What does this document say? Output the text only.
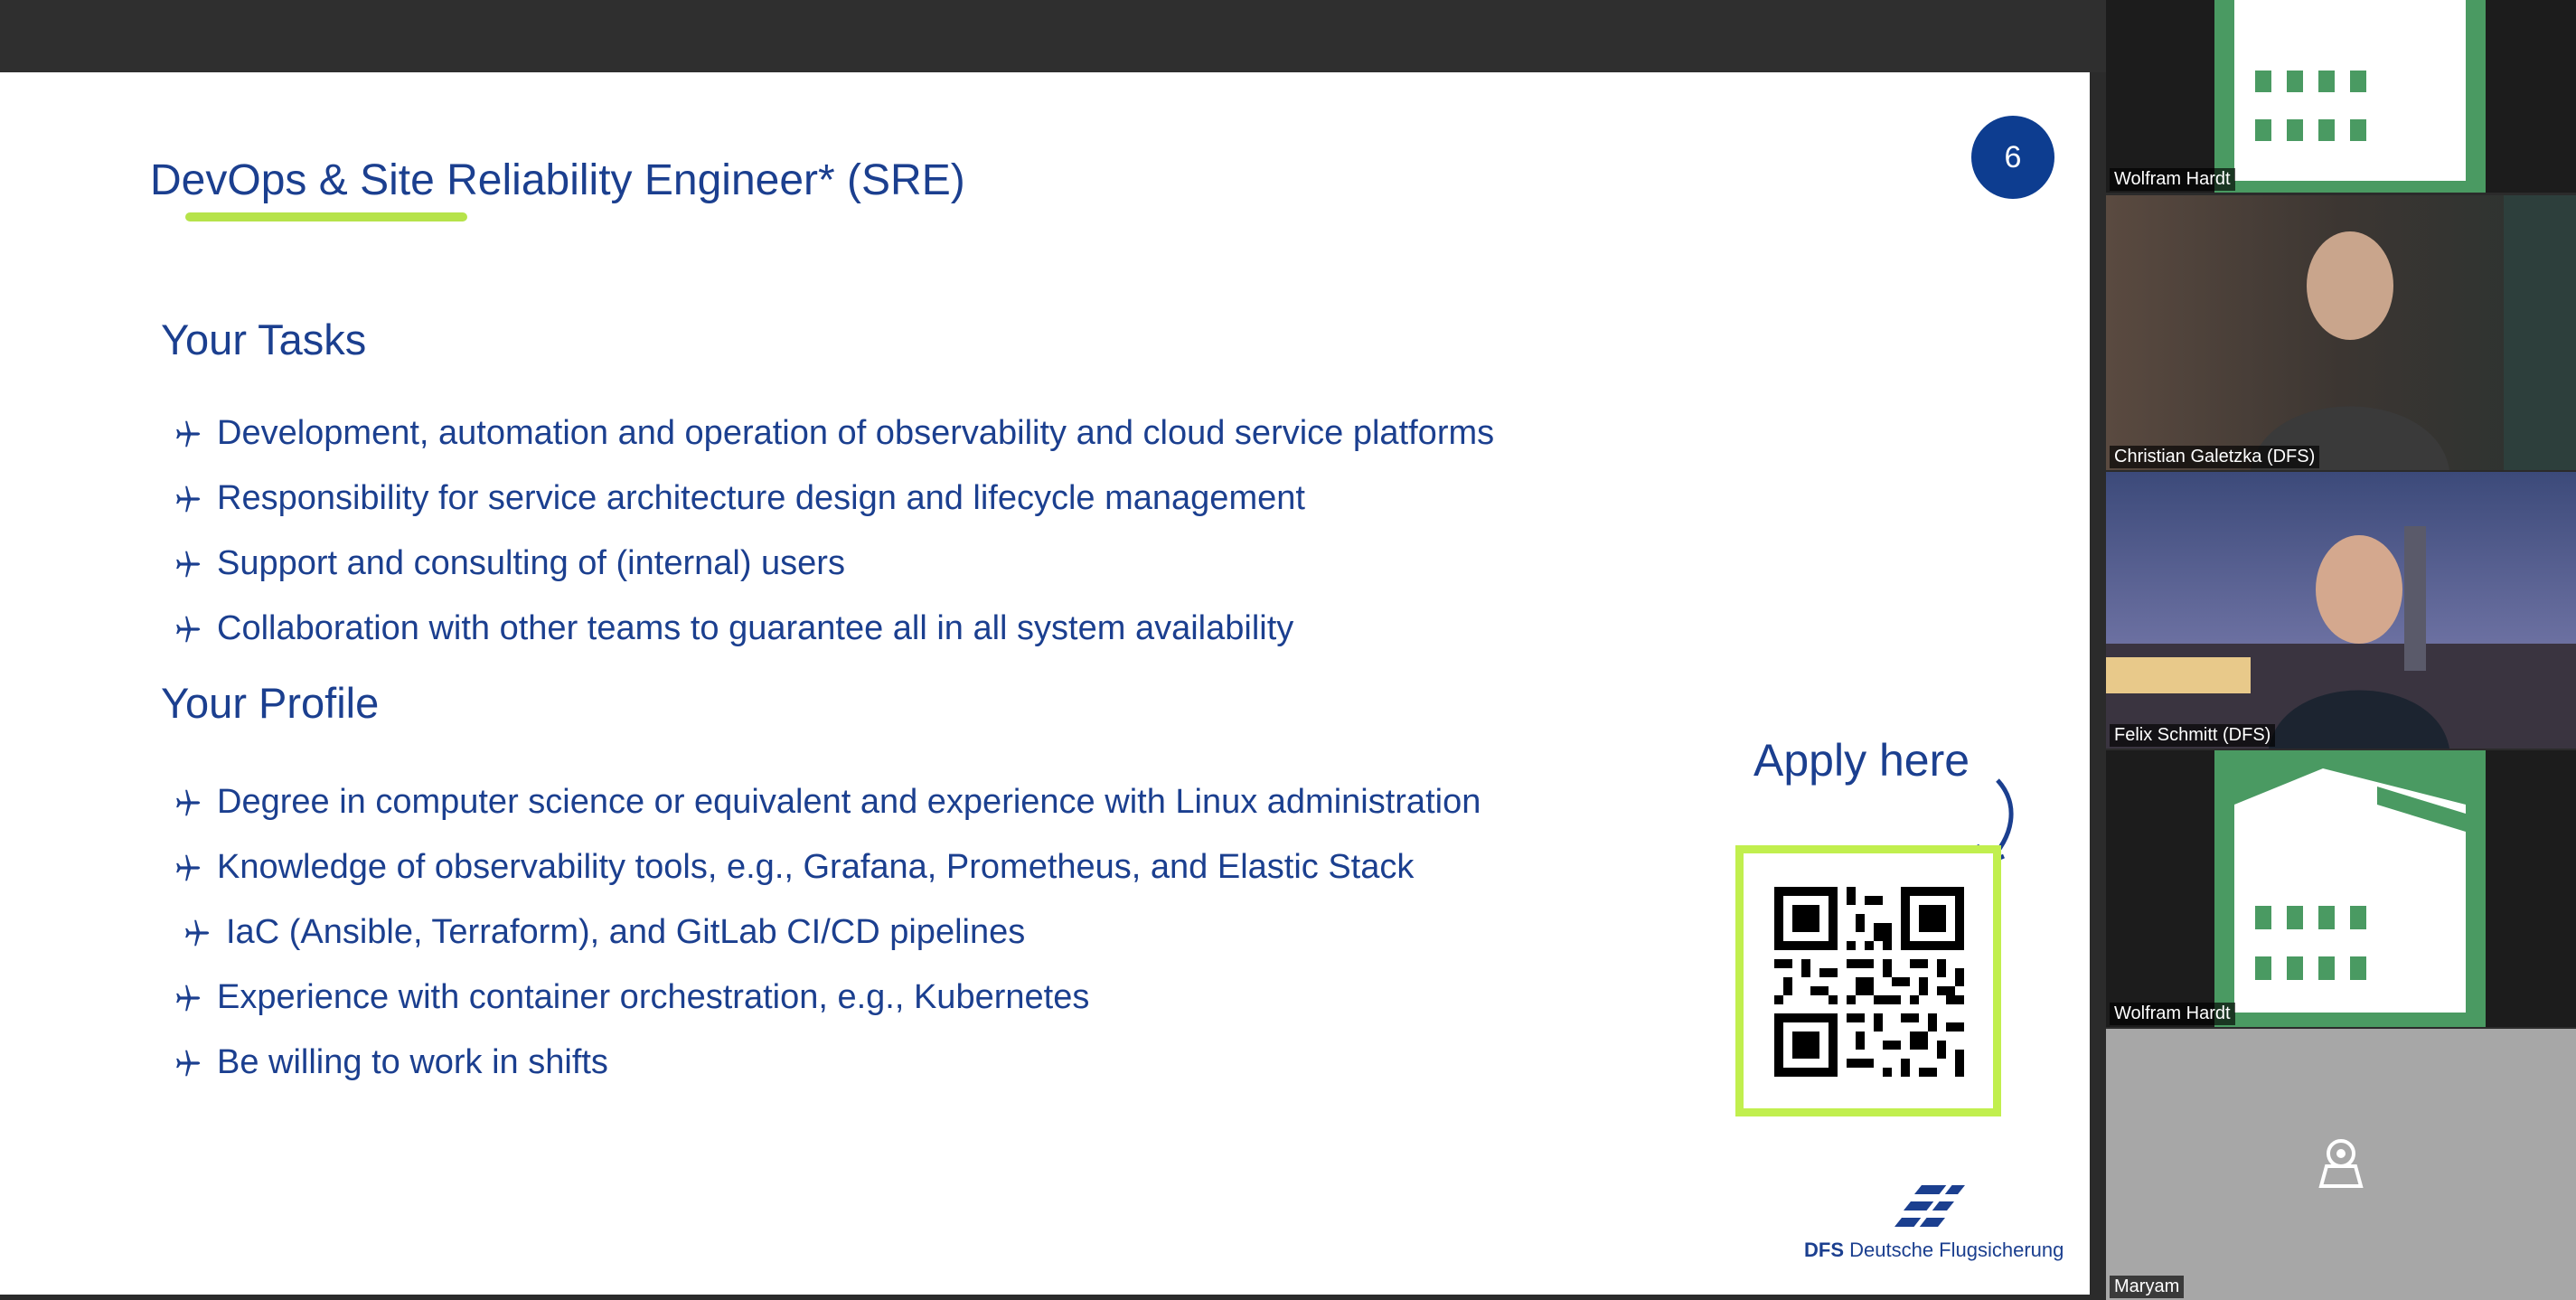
DevOps & Site Reliability Engineer* (SRE)	6
Your Tasks
Development, automation and operation of observability and cloud service platforms
Responsibility for service architecture design and lifecycle management
Support and consulting of (internal) users
Collaboration with other teams to guarantee all in all system availability
Your Profile
Degree in computer science or equivalent and experience with Linux administration
Knowledge of observability tools, e.g., Grafana, Prometheus, and Elastic Stack
IaC (Ansible, Terraform), and GitLab CI/CD pipelines
Experience with container orchestration, e.g., Kubernetes
Be willing to work in shifts
Apply here
DFS Deutsche Flugsicherung
Wolfram Hardt
Christian Galetzka (DFS)
Felix Schmitt (DFS)
Wolfram Hardt
Maryam
